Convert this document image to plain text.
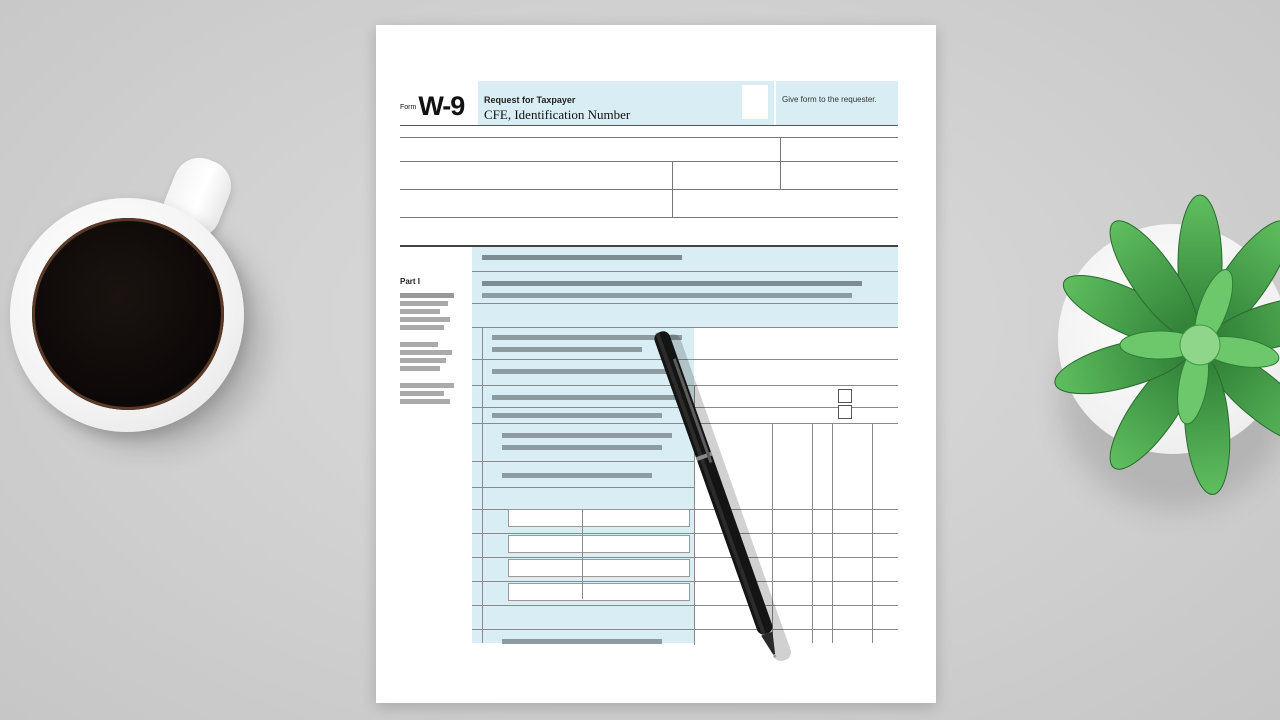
FormW-9 Request for Taxpayer
CFE, Identification Number
Give form to the requester.
Part I
